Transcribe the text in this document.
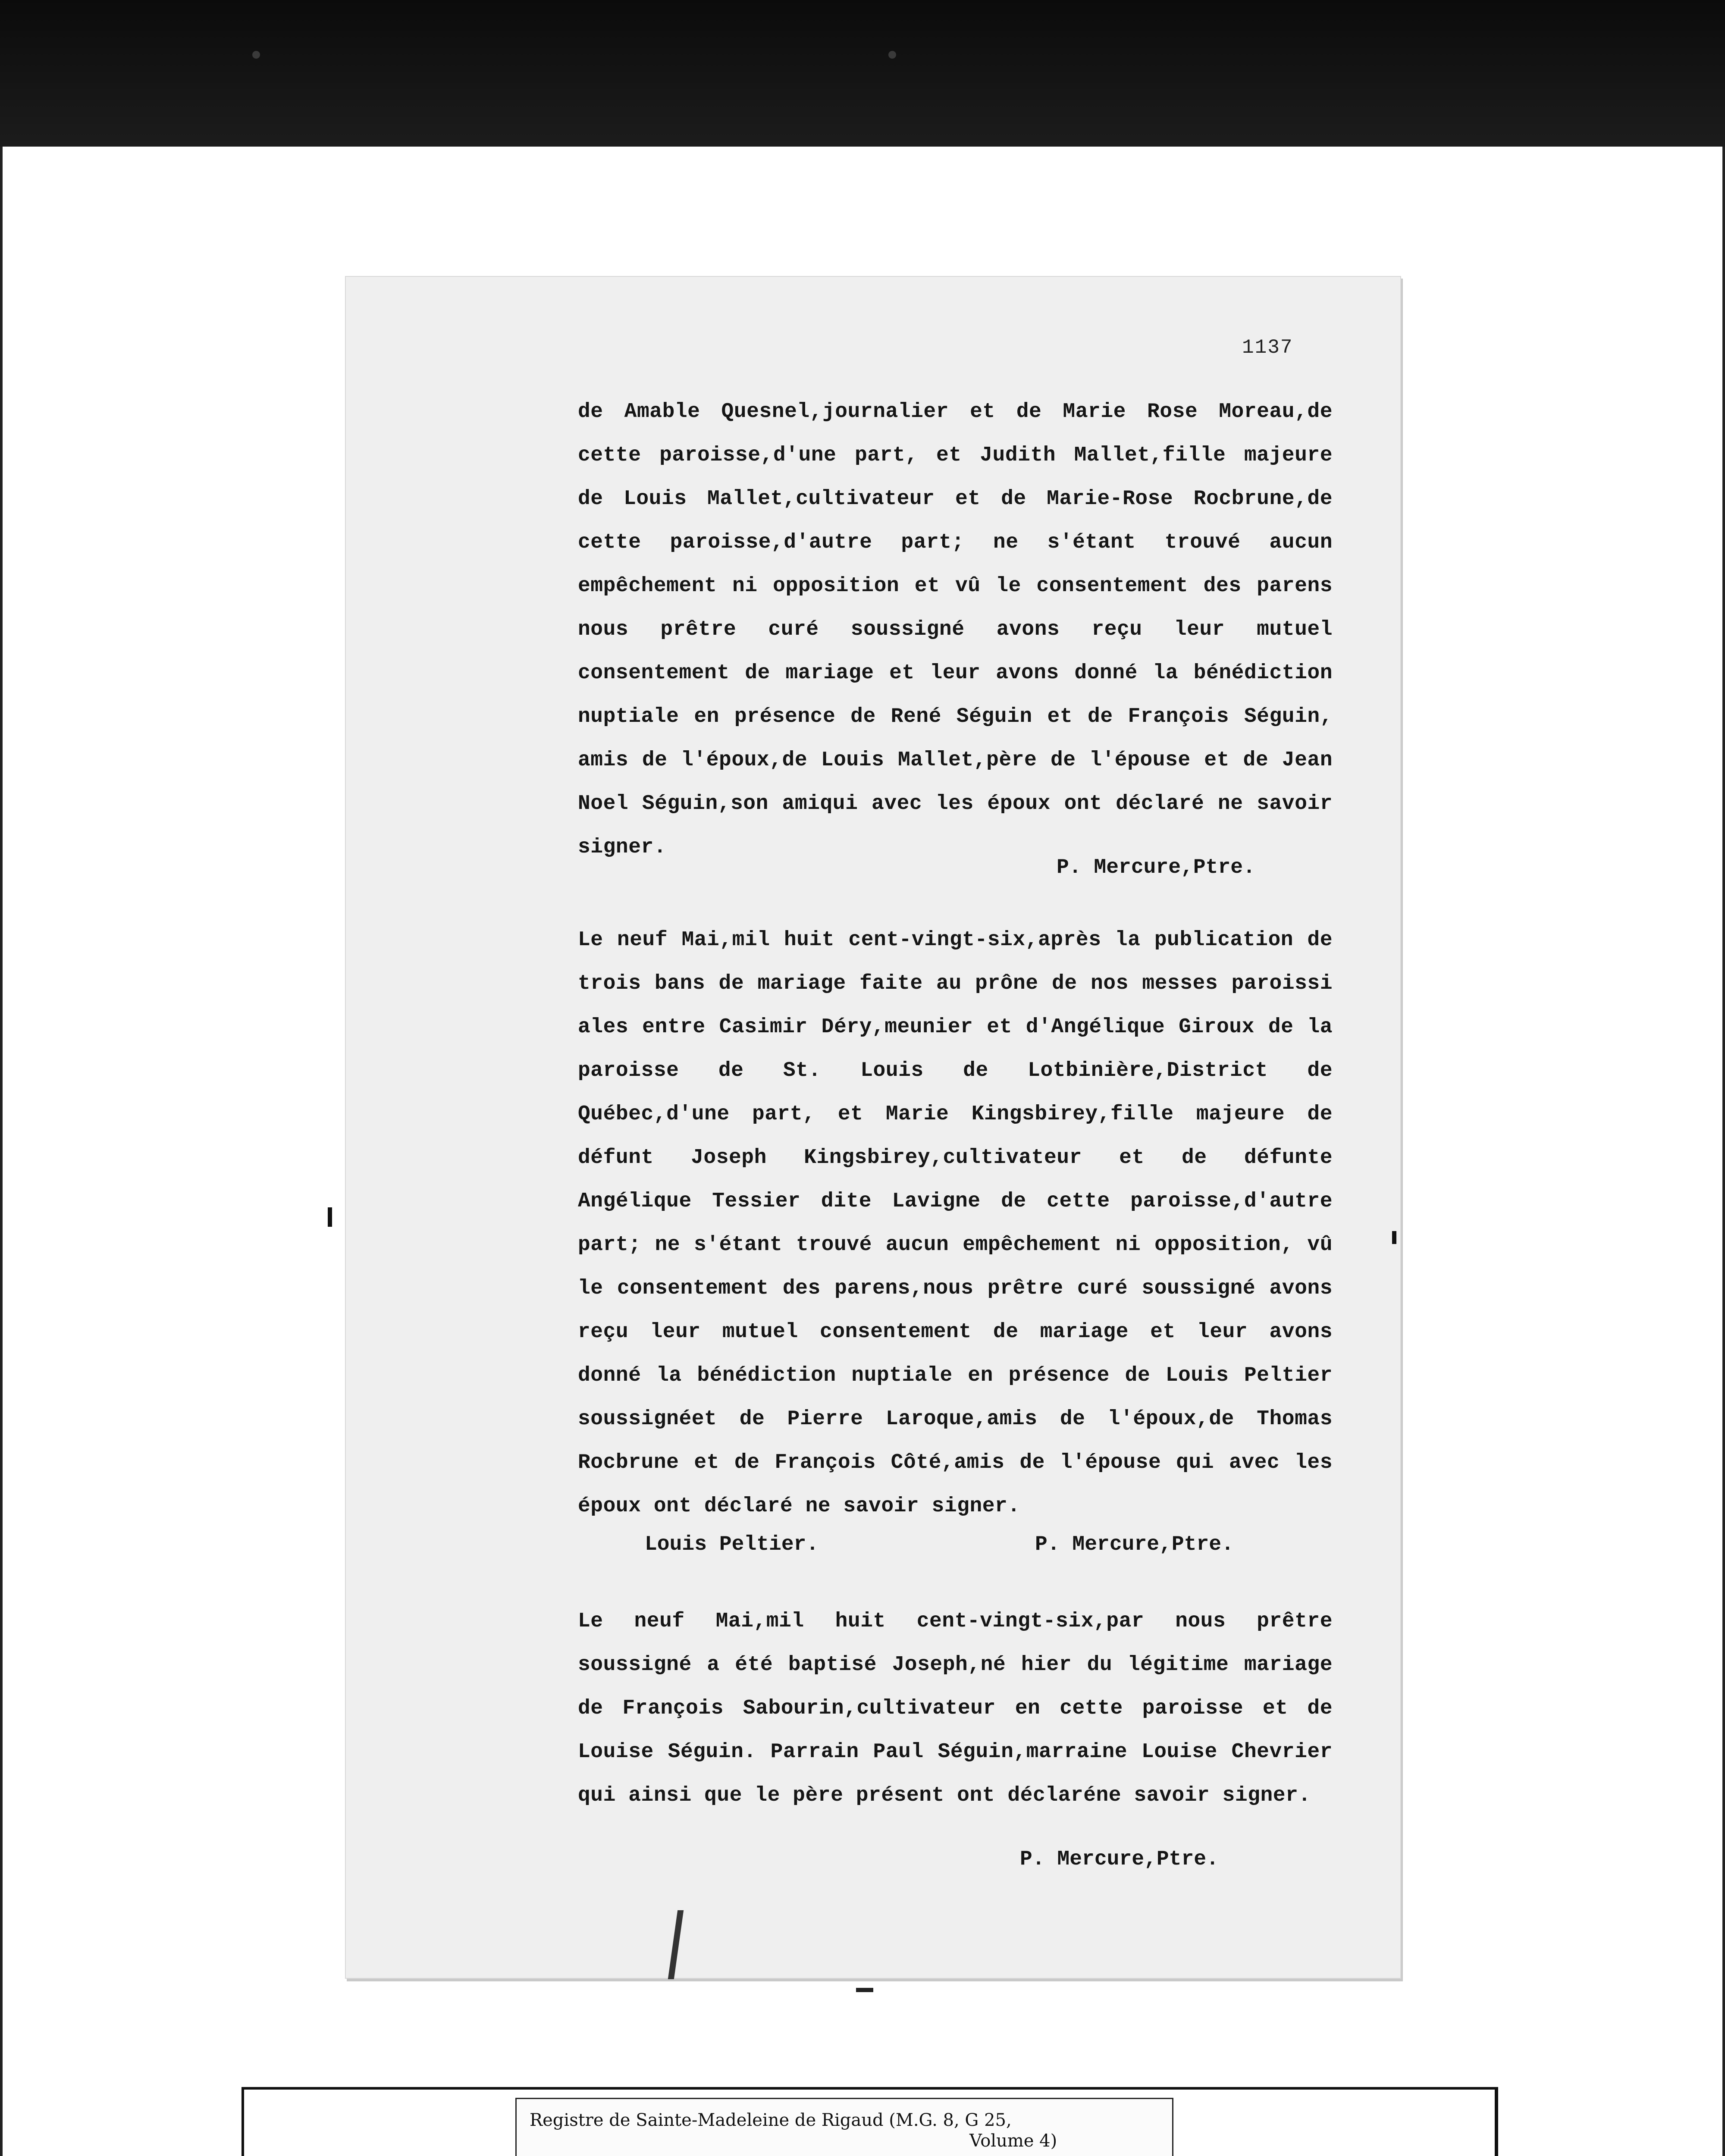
1137

de Amable Quesnel,journalier et de Marie Rose Moreau,de cette paroisse,d'une part, et Judith Mallet,fille majeure de Louis Mallet,cultivateur et de Marie-Rose Rocbrune,de cette paroisse,d'autre part; ne s'étant trouvé aucun empêchement ni opposition et vû le consentement des parens nous prêtre curé soussigné avons reçu leur mutuel consentement de mariage et leur avons donné la bénédiction nuptiale en présence de René Séguin et de François Séguin, amis de l'époux,de Louis Mallet,père de l'épouse et de Jean Noel Séguin,son amiqui avec les époux ont déclaré ne savoir signer.

P. Mercure,Ptre.

Le neuf Mai,mil huit cent-vingt-six,après la publication de trois bans de mariage faite au prône de nos messes paroissi ales entre Casimir Déry,meunier et d'Angélique Giroux de la paroisse de St. Louis de Lotbinière,District de Québec,d'une part, et Marie Kingsbirey,fille majeure de défunt Joseph Kingsbirey,cultivateur et de défunte Angélique Tessier dite Lavigne de cette paroisse,d'autre part; ne s'étant trouvé aucun empêchement ni opposition, vû le consentement des parens,nous prêtre curé soussigné avons reçu leur mutuel consentement de mariage et leur avons donné la bénédiction nuptiale en présence de Louis Peltier soussignéet de Pierre Laroque,amis de l'époux,de Thomas Rocbrune et de François Côté,amis de l'épouse qui avec les époux ont déclaré ne savoir signer.

Louis Peltier.	P. Mercure,Ptre.

Le neuf Mai,mil huit cent-vingt-six,par nous prêtre soussigné a été baptisé Joseph,né hier du légitime mariage de François Sabourin,cultivateur en cette paroisse et de Louise Séguin. Parrain Paul Séguin,marraine Louise Chevrier qui ainsi que le père présent ont déclaréne savoir signer.

P. Mercure,Ptre.
Registre de Sainte-Madeleine de Rigaud (M.G. 8, G 25,
Volume 4)
